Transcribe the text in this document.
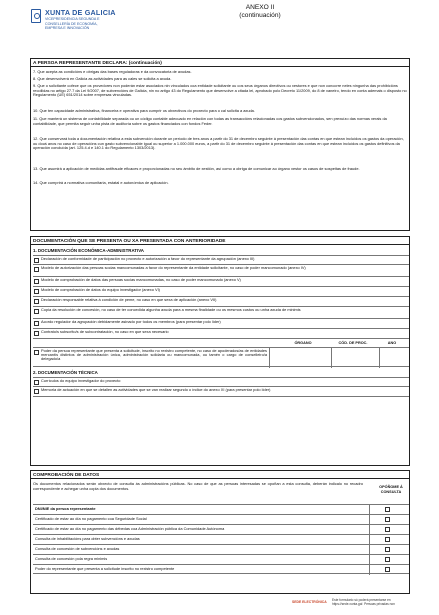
XUNTA DE GALICIA
VICEPRESIDENCIA SEGUNDA E
CONSELLERÍA DE ECONOMÍA,
EMPRESA E INNOVACIÓN
ANEXO II
(continuación)
A PERSOA REPRESENTANTE DECLARA: (continuación)
7. Que acepta as condicións e obrigas das bases reguladoras e da convocatoria de axudas.
8. Que desenvolverá en Galicia as actividades para as cales se solicita a axuda.
9. Que o solicitante cofece que os provedores non poderán estar asociados nin vinculados coa entidade solicitante ou cos seus órganos directivos ou xestores e que non concorre neles ningunha das prohibicións recollidas no artigo 27.7 da Lei 9/2007, de subvencións de Galicia, nin no artigo 43 do Regulamento que desenvolve a citada lei, aprobado polo Decreto 11/2009, do 8 de xaneiro, tendo en conta ademais o disposto no Regulamento (UE) 651/2014 sobre empresas vinculadas.
10. Que ten capacidade administrativa, financeira e operativa para cumprir os obxectivos do proxecto para o cal solicita a axuda.
11. Que manterá un sistema de contabilidade separada ou un código contable adecuado en relación con todas as transaccións relacionadas cos gastos subvencionados, sen prexuízo das normas xerais da contabilidade, que permita seguir unha pista de auditoría sobre os gastos financiados con fondos Feder.
12. Que conservará toda a documentación relativa a esta subvención durante un período de tres anos a partir do 31 de decembro seguinte á presentación das contas en que estean incluídos os gastos da operación, ou douś anos no caso de operacións cun gasto subvencionable igual ou superior a 1.000.000 euros, a partir do 31 de decembro seguinte á presentación das contas en que estean incluídos os gastos definitivos da operación concluída (art. 125.4.d e 140.1 do Regulamento 1303/2013).
13. Que asumirá a aplicación de medidas antifraude eficaces e proporcionadas no seu ámbito de xestión, así como a obriga de comunicar ao órgano xestor os casos de sospeitas de fraude.
14. Que cumprirá a normativa comunitaria, estatal e autonómica de aplicación.
DOCUMENTACIÓN QUE SE PRESENTA OU XA PRESENTADA CON ANTERIORIDADE
1. DOCUMENTACIÓN ECONÓMICA-ADMINISTRATIVA
Declaración de conformidade de participación no proxecto e autorización a favor do representante da agrupación (anexo III)
Modelo de autorización das persoas socias mancomunadas a favor do representante da entidade solicitante, no caso de poder mancomunado (anexo IV)
Modelo de comprobación de datos das persoas socias mancomunadas, no caso de poder mancomunado (anexo V)
Modelo de comprobación de datos do equipo investigador (anexo VI)
Declaración responsable relativa á condición de peme, no caso en que sexa de aplicación (anexo VII)
Copia da resolución de concesión, no caso de ter concedida algunha axuda para a mesma finalidade ou os mesmos custos ou unha axuda de minimis
Acordo regulador da agrupación debidamente asinado por todos os membros (para presentar polo líder)
Contrato/s subscrito/s de subcontratación, no caso en que sexa necesario
ÓRGANO	CÓD. DE PROC.	ANO
Poder da persoa representante que presenta a solicitude, inscrito no rexistro competente, no caso de apoderados/as de entidades mercantís distintos de administración única, administración solidaria ou mancomunada, ou tamén o cargo de conselleiro/a delegado/a
2. DOCUMENTACIÓN TÉCNICA
Currículos do equipo investigador do proxecto
Memoria de actuación en que se detallen as actividades que se van realizar segundo o índice do anexo XI (para presentar polo líder)
COMPROBACIÓN DE DATOS
Os documentos relacionados serán obxecto de consulta ás administracións públicas. No caso de que as persoas interesadas se opoñan a esta consulta, deberán indicalo no recadro correspondente e achegar unha copia dos documentos.	OPÓÑOME Á CONSULTA
DNI/NIE da persoa representante
Certificado de estar ao día no pagamento coa Seguridade Social
Certificado de estar ao día no pagamento das débedas coa Administración pública da Comunidade Autónoma
Consulta de inhabilitacións para obter subvencións e axudas
Consulta de concesión de subvencións e axudas
Consulta de concesión pola regra minimis
Poder do representante que presenta a solicitude inscrito no rexistro competente
SEDE ELECTRÓNICA Este formulario só poderá presentarse en
https://sede.xunta.gal  Persoas privadas non
